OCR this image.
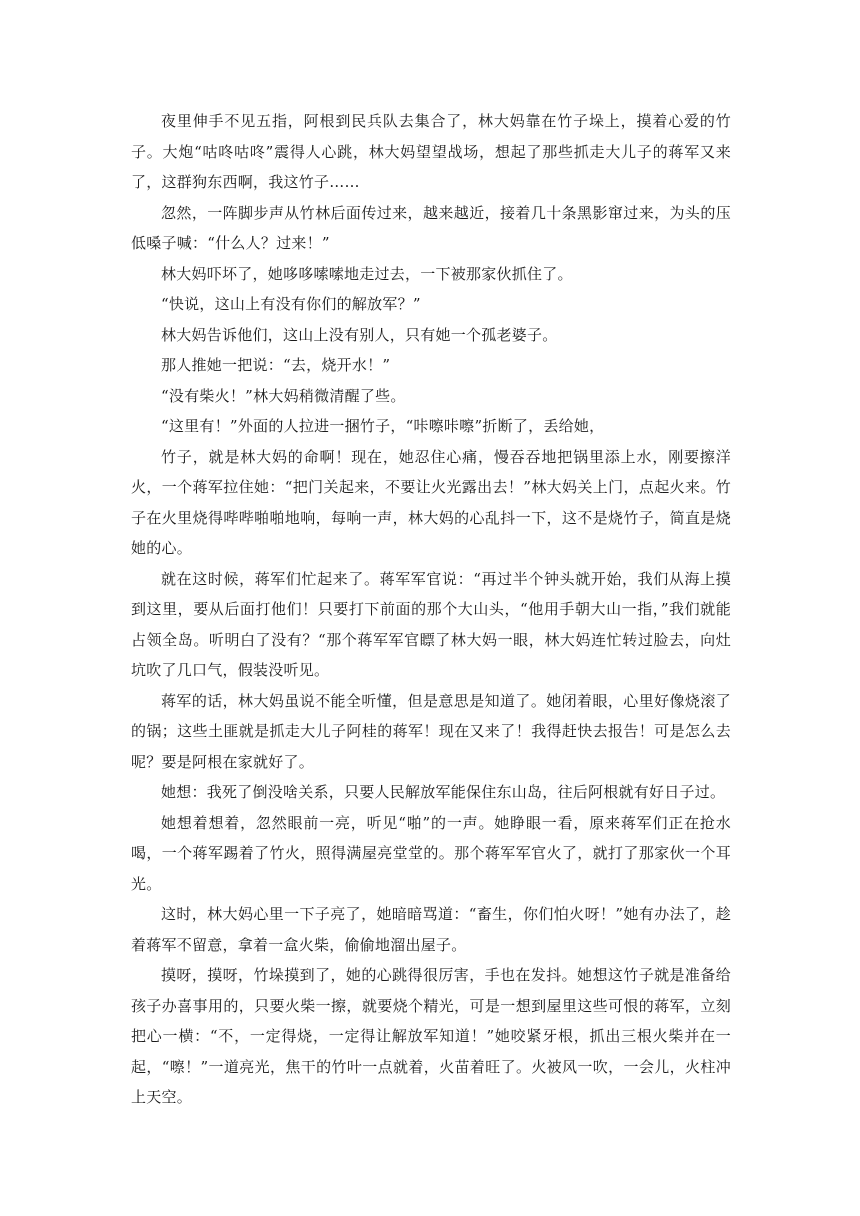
夜里伸手不见五指，阿根到民兵队去集合了，林大妈靠在竹子垛上，摸着心爱的竹子。大炮“咕咚咕咚”震得人心跳，林大妈望望战场，想起了那些抓走大儿子的蒋军又来了，这群狗东西啊，我这竹子……

忽然，一阵脚步声从竹林后面传过来，越来越近，接着几十条黑影窜过来，为头的压低嗓子喊：“什么人？过来！”

林大妈吓坏了，她哆哆嗦嗦地走过去，一下被那家伙抓住了。

“快说，这山上有没有你们的解放军？”

林大妈告诉他们，这山上没有别人，只有她一个孤老婆子。

那人推她一把说：“去，烧开水！”

“没有柴火！”林大妈稍微清醒了些。

“这里有！”外面的人拉进一捆竹子，“咔嚓咔嚓”折断了，丢给她，

竹子，就是林大妈的命啊！现在，她忍住心痛，慢吞吞地把锅里添上水，刚要擦洋火，一个蒋军拉住她：“把门关起来，不要让火光露出去！”林大妈关上门，点起火来。竹子在火里烧得哔哔啪啪地响，每响一声，林大妈的心乱抖一下，这不是烧竹子，简直是烧她的心。

就在这时候，蒋军们忙起来了。蒋军军官说：“再过半个钟头就开始，我们从海上摸到这里，要从后面打他们！只要打下前面的那个大山头，“他用手朝大山一指，”我们就能占领全岛。听明白了没有？“那个蒋军军官瞟了林大妈一眼，林大妈连忙转过脸去，向灶坑吹了几口气，假装没听见。

蒋军的话，林大妈虽说不能全听懂，但是意思是知道了。她闭着眼，心里好像烧滚了的锅；这些土匪就是抓走大儿子阿桂的蒋军！现在又来了！我得赶快去报告！可是怎么去呢？要是阿根在家就好了。

她想：我死了倒没啥关系，只要人民解放军能保住东山岛，往后阿根就有好日子过。

她想着想着，忽然眼前一亮，听见“啪”的一声。她睁眼一看，原来蒋军们正在抢水喝，一个蒋军踢着了竹火，照得满屋亮堂堂的。那个蒋军军官火了，就打了那家伙一个耳光。

这时，林大妈心里一下子亮了，她暗暗骂道：“畜生，你们怕火呀！”她有办法了，趁着蒋军不留意，拿着一盒火柴，偷偷地溜出屋子。

摸呀，摸呀，竹垛摸到了，她的心跳得很厉害，手也在发抖。她想这竹子就是准备给孩子办喜事用的，只要火柴一擦，就要烧个精光，可是一想到屋里这些可恨的蒋军，立刻把心一横：“不，一定得烧，一定得让解放军知道！”她咬紧牙根，抓出三根火柴并在一起，“嚓！”一道亮光，焦干的竹叶一点就着，火苗着旺了。火被风一吹，一会儿，火柱冲上天空。
